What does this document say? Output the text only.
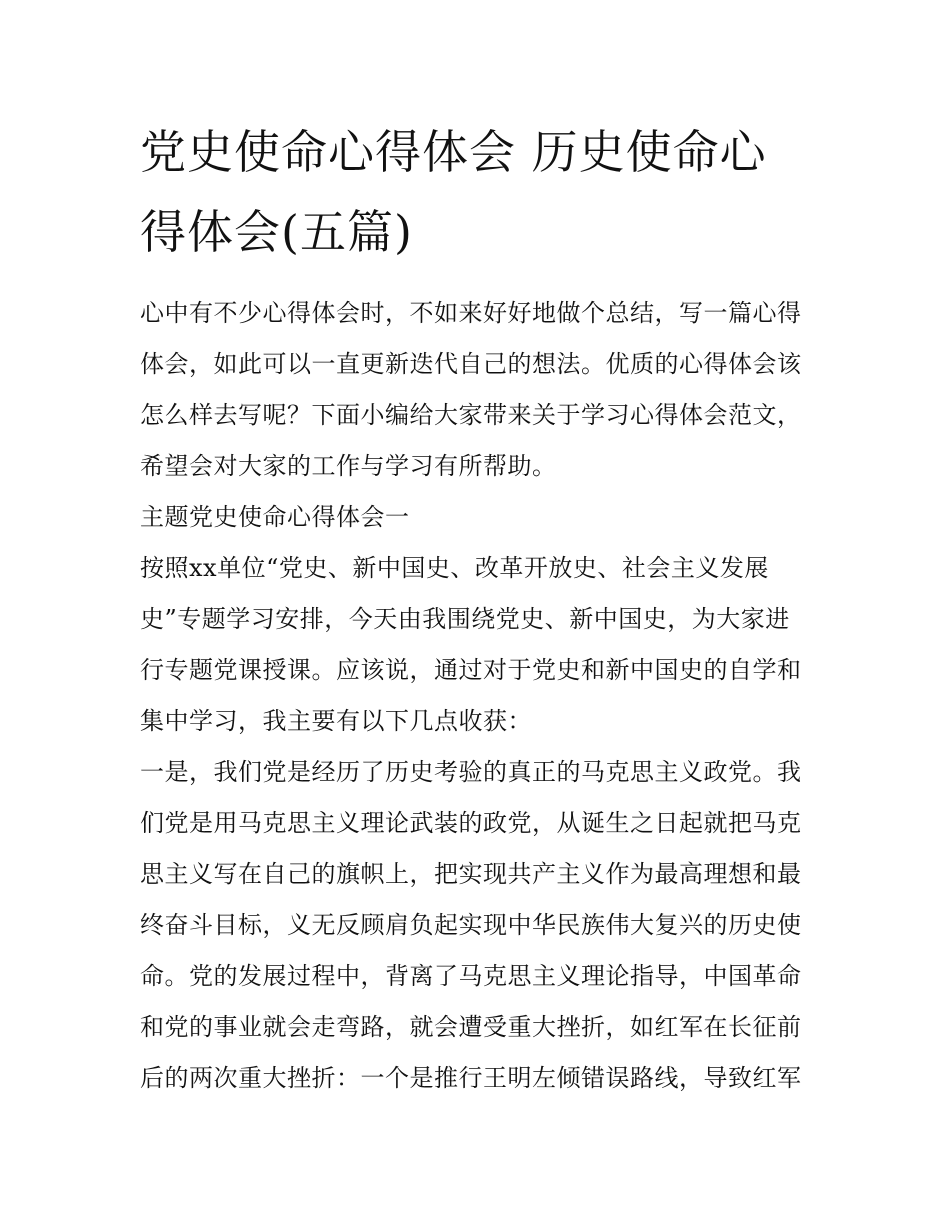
党史使命心得体会 历史使命心
得体会(五篇)
心中有不少心得体会时，不如来好好地做个总结，写一篇心得
体会，如此可以一直更新迭代自己的想法。优质的心得体会该
怎么样去写呢？下面小编给大家带来关于学习心得体会范文，
希望会对大家的工作与学习有所帮助。
主题党史使命心得体会一
按照xx单位“党史、新中国史、改革开放史、社会主义发展
史”专题学习安排，今天由我围绕党史、新中国史，为大家进
行专题党课授课。应该说，通过对于党史和新中国史的自学和
集中学习，我主要有以下几点收获：
一是，我们党是经历了历史考验的真正的马克思主义政党。我
们党是用马克思主义理论武装的政党，从诞生之日起就把马克
思主义写在自己的旗帜上，把实现共产主义作为最高理想和最
终奋斗目标，义无反顾肩负起实现中华民族伟大复兴的历史使
命。党的发展过程中，背离了马克思主义理论指导，中国革命
和党的事业就会走弯路，就会遭受重大挫折，如红军在长征前
后的两次重大挫折：一个是推行王明左倾错误路线，导致红军
